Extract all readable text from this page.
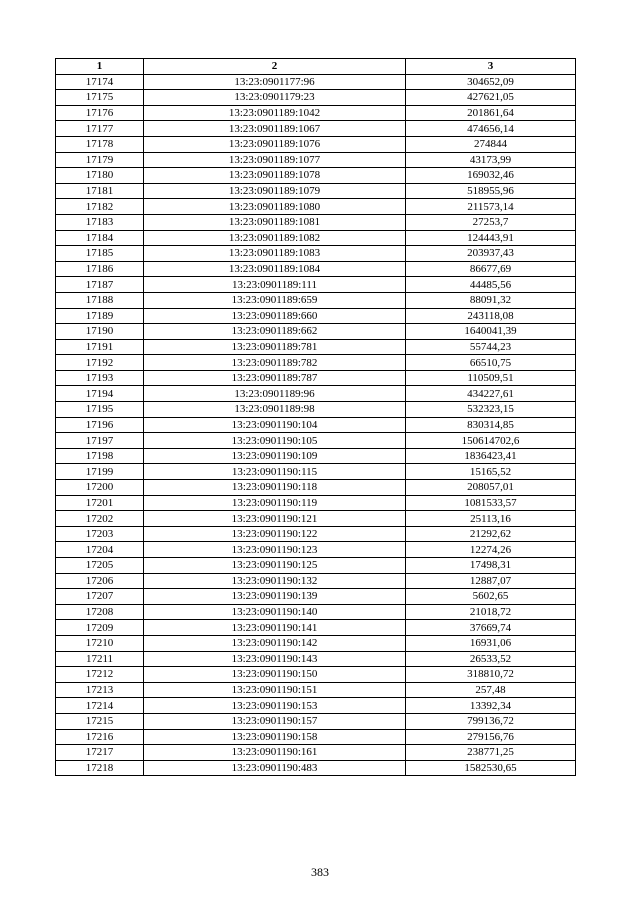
1	2	3
17174	13:23:0901177:96	304652,09
17175	13:23:0901179:23	427621,05
17176	13:23:0901189:1042	201861,64
17177	13:23:0901189:1067	474656,14
17178	13:23:0901189:1076	274844
17179	13:23:0901189:1077	43173,99
17180	13:23:0901189:1078	169032,46
17181	13:23:0901189:1079	518955,96
17182	13:23:0901189:1080	211573,14
17183	13:23:0901189:1081	27253,7
17184	13:23:0901189:1082	124443,91
17185	13:23:0901189:1083	203937,43
17186	13:23:0901189:1084	86677,69
17187	13:23:0901189:111	44485,56
17188	13:23:0901189:659	88091,32
17189	13:23:0901189:660	243118,08
17190	13:23:0901189:662	1640041,39
17191	13:23:0901189:781	55744,23
17192	13:23:0901189:782	66510,75
17193	13:23:0901189:787	110509,51
17194	13:23:0901189:96	434227,61
17195	13:23:0901189:98	532323,15
17196	13:23:0901190:104	830314,85
17197	13:23:0901190:105	150614702,6
17198	13:23:0901190:109	1836423,41
17199	13:23:0901190:115	15165,52
17200	13:23:0901190:118	208057,01
17201	13:23:0901190:119	1081533,57
17202	13:23:0901190:121	25113,16
17203	13:23:0901190:122	21292,62
17204	13:23:0901190:123	12274,26
17205	13:23:0901190:125	17498,31
17206	13:23:0901190:132	12887,07
17207	13:23:0901190:139	5602,65
17208	13:23:0901190:140	21018,72
17209	13:23:0901190:141	37669,74
17210	13:23:0901190:142	16931,06
17211	13:23:0901190:143	26533,52
17212	13:23:0901190:150	318810,72
17213	13:23:0901190:151	257,48
17214	13:23:0901190:153	13392,34
17215	13:23:0901190:157	799136,72
17216	13:23:0901190:158	279156,76
17217	13:23:0901190:161	238771,25
17218	13:23:0901190:483	1582530,65
383
